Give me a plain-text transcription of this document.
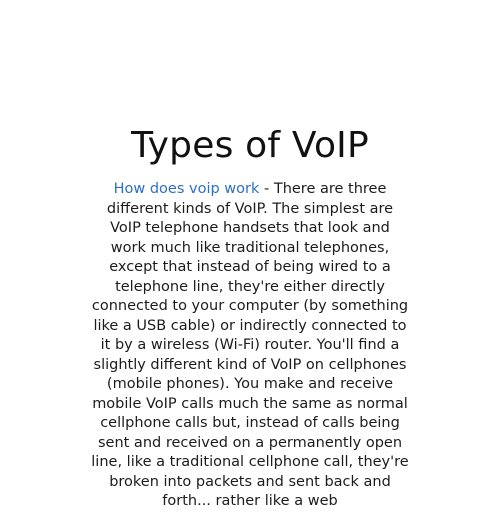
Types of VoIP

How does voip work - There are three different kinds of VoIP. The simplest are VoIP telephone handsets that look and work much like traditional telephones, except that instead of being wired to a telephone line, they're either directly connected to your computer (by something like a USB cable) or indirectly connected to it by a wireless (Wi-Fi) router. You'll find a slightly different kind of VoIP on cellphones (mobile phones). You make and receive mobile VoIP calls much the same as normal cellphone calls but, instead of calls being sent and received on a permanently open line, like a traditional cellphone call, they're broken into packets and sent back and forth... rather like a web
